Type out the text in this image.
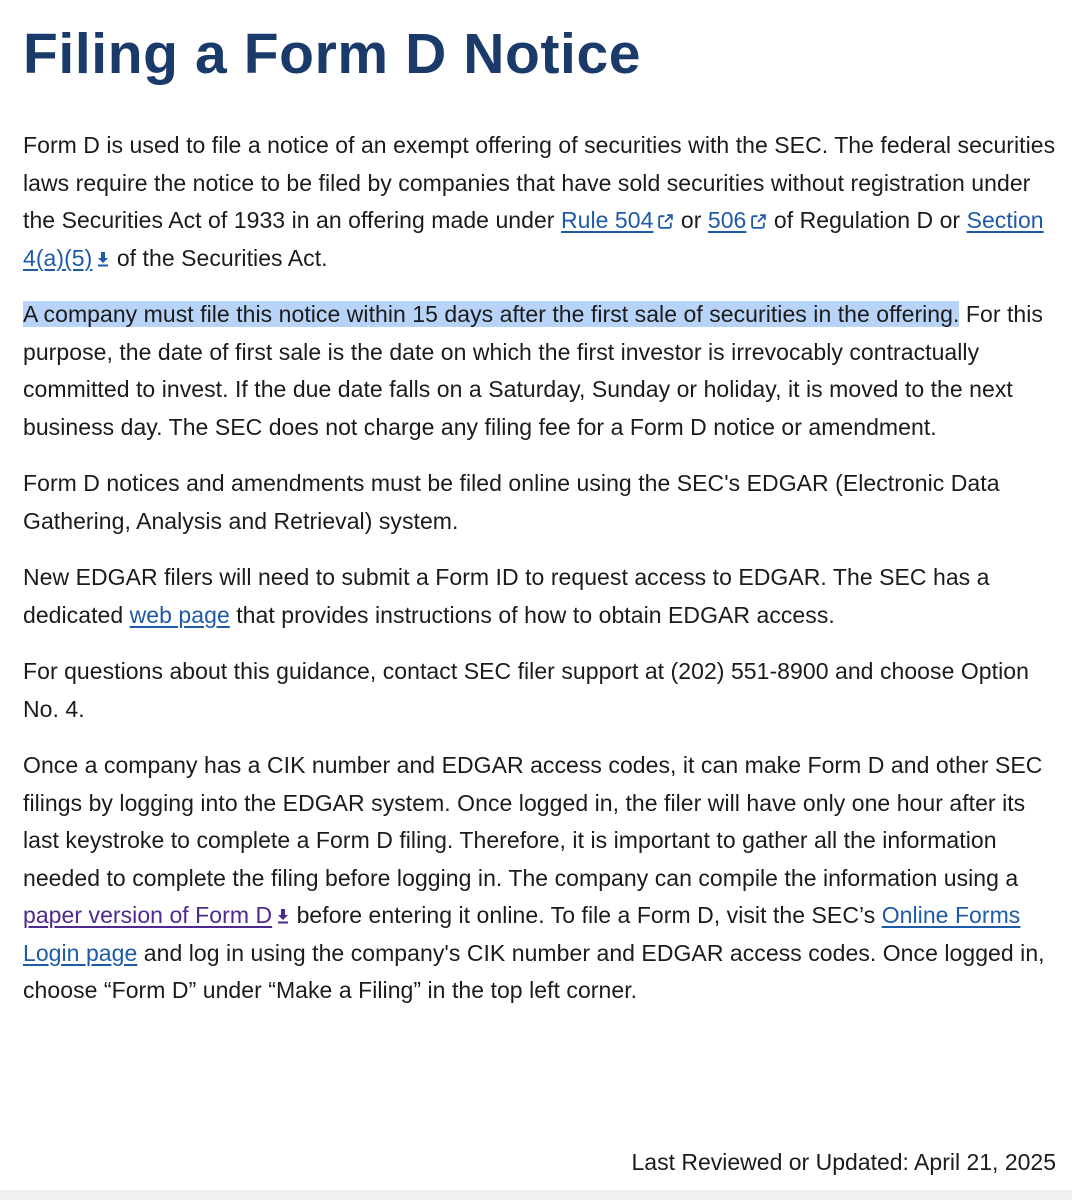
Filing a Form D Notice

Form D is used to file a notice of an exempt offering of securities with the SEC. The federal securities laws require the notice to be filed by companies that have sold securities without registration under the Securities Act of 1933 in an offering made under Rule 504 or 506 of Regulation D or Section 4(a)(5) of the Securities Act.

A company must file this notice within 15 days after the first sale of securities in the offering. For this purpose, the date of first sale is the date on which the first investor is irrevocably contractually committed to invest. If the due date falls on a Saturday, Sunday or holiday, it is moved to the next business day. The SEC does not charge any filing fee for a Form D notice or amendment.

Form D notices and amendments must be filed online using the SEC's EDGAR (Electronic Data Gathering, Analysis and Retrieval) system.

New EDGAR filers will need to submit a Form ID to request access to EDGAR. The SEC has a dedicated web page that provides instructions of how to obtain EDGAR access.

For questions about this guidance, contact SEC filer support at (202) 551-8900 and choose Option No. 4.

Once a company has a CIK number and EDGAR access codes, it can make Form D and other SEC filings by logging into the EDGAR system. Once logged in, the filer will have only one hour after its last keystroke to complete a Form D filing. Therefore, it is important to gather all the information needed to complete the filing before logging in. The company can compile the information using a paper version of Form D before entering it online. To file a Form D, visit the SEC’s Online Forms Login page and log in using the company's CIK number and EDGAR access codes. Once logged in, choose “Form D” under “Make a Filing” in the top left corner.

Last Reviewed or Updated: April 21, 2025
